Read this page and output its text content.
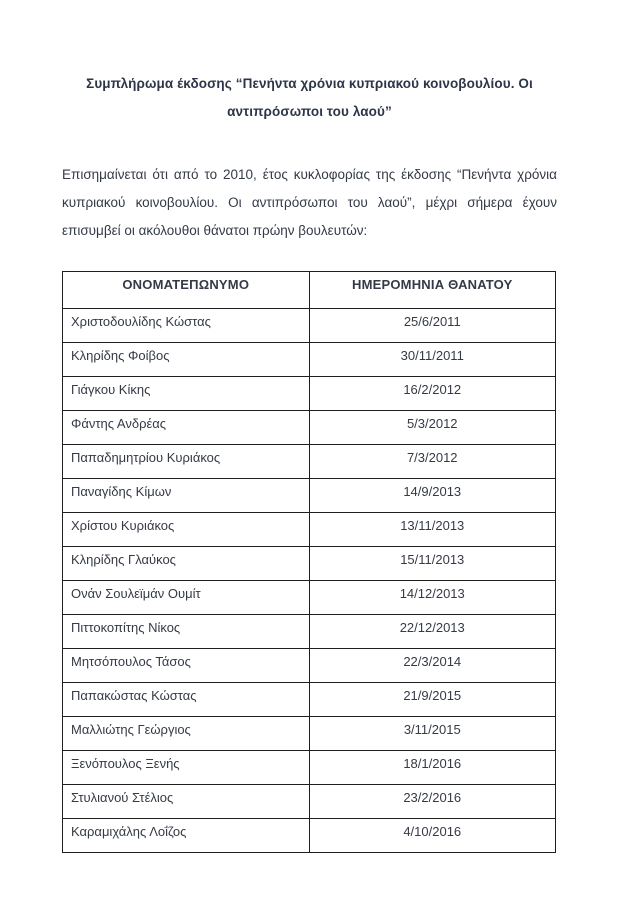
Συμπλήρωμα έκδοσης “Πενήντα χρόνια κυπριακού κοινοβουλίου. Οι αντιπρόσωποι του λαού”
Επισημαίνεται ότι από το 2010, έτος κυκλοφορίας της έκδοσης “Πενήντα χρόνια κυπριακού κοινοβουλίου. Οι αντιπρόσωποι του λαού”, μέχρι σήμερα έχουν επισυμβεί οι ακόλουθοι θάνατοι πρώην βουλευτών:
ΟΝΟΜΑΤΕΠΩΝΥΜΟ	ΗΜΕΡΟΜΗΝΙΑ ΘΑΝΑΤΟΥ
Χριστοδουλίδης Κώστας	25/6/2011
Κληρίδης Φοίβος	30/11/2011
Γιάγκου Κίκης	16/2/2012
Φάντης Ανδρέας	5/3/2012
Παπαδημητρίου Κυριάκος	7/3/2012
Παναγίδης Κίμων	14/9/2013
Χρίστου Κυριάκος	13/11/2013
Κληρίδης Γλαύκος	15/11/2013
Ονάν Σουλεϊμάν Ουμίτ	14/12/2013
Πιττοκοπίτης Νίκος	22/12/2013
Μητσόπουλος Τάσος	22/3/2014
Παπακώστας Κώστας	21/9/2015
Μαλλιώτης Γεώργιος	3/11/2015
Ξενόπουλος Ξενής	18/1/2016
Στυλιανού Στέλιος	23/2/2016
Καραμιχάλης Λοΐζος	4/10/2016
